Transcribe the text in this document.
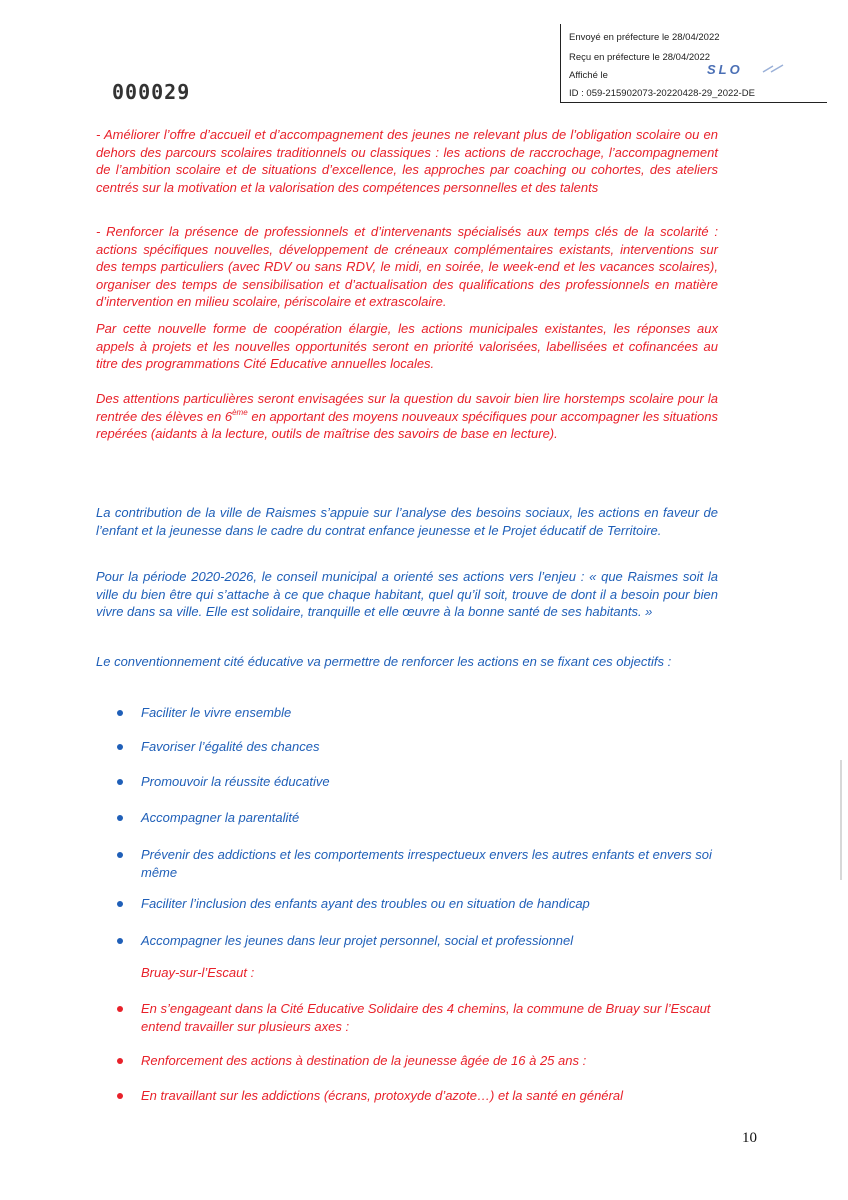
Envoyé en préfecture le 28/04/2022
Reçu en préfecture le 28/04/2022
Affiché le	SLO
ID : 059-215902073-20220428-29_2022-DE
000029

- Améliorer l’offre d’accueil et d’accompagnement des jeunes ne relevant plus de l’obligation scolaire ou en dehors des parcours scolaires traditionnels ou classiques : les actions de raccrochage, l’accompagnement de l’ambition scolaire et de situations d’excellence, les approches par coaching ou cohortes, des ateliers centrés sur la motivation et la valorisation des compétences personnelles et des talents

- Renforcer la présence de professionnels et d’intervenants spécialisés aux temps clés de la scolarité : actions spécifiques nouvelles, développement de créneaux complémentaires existants, interventions sur des temps particuliers (avec RDV ou sans RDV, le midi, en soirée, le week-end et les vacances scolaires), organiser des temps de sensibilisation et d’actualisation des qualifications des professionnels en matière d’intervention en milieu scolaire, périscolaire et extrascolaire.

Par cette nouvelle forme de coopération élargie, les actions municipales existantes, les réponses aux appels à projets et les nouvelles opportunités seront en priorité valorisées, labellisées et cofinancées au titre des programmations Cité Educative annuelles locales.

Des attentions particulières seront envisagées sur la question du savoir bien lire horstemps scolaire pour la rentrée des élèves en 6ème en apportant des moyens nouveaux spécifiques pour accompagner les situations repérées (aidants à la lecture, outils de maîtrise des savoirs de base en lecture).

La contribution de la ville de Raismes s’appuie sur l’analyse des besoins sociaux, les actions en faveur de l’enfant et la jeunesse dans le cadre du contrat enfance jeunesse et le Projet éducatif de Territoire.

Pour la période 2020-2026, le conseil municipal a orienté ses actions vers l’enjeu : « que Raismes soit la ville du bien être qui s’attache à ce que chaque habitant, quel qu’il soit, trouve de dont il a besoin pour bien vivre dans sa ville. Elle est solidaire, tranquille et elle œuvre à la bonne santé de ses habitants. »

Le conventionnement cité éducative va permettre de renforcer les actions en se fixant ces objectifs :

Faciliter le vivre ensemble

Favoriser l’égalité des chances

Promouvoir la réussite éducative

Accompagner la parentalité

Prévenir des addictions et les comportements irrespectueux envers les autres enfants et envers soi même

Faciliter l’inclusion des enfants ayant des troubles ou en situation de handicap

Accompagner les jeunes dans leur projet personnel, social et professionnel

Bruay-sur-l’Escaut :

En s’engageant dans la Cité Educative Solidaire des 4 chemins, la commune de Bruay sur l’Escaut entend travailler sur plusieurs axes :

Renforcement des actions à destination de la jeunesse âgée de 16 à 25 ans :

En travaillant sur les addictions (écrans, protoxyde d’azote…) et la santé en général

10
